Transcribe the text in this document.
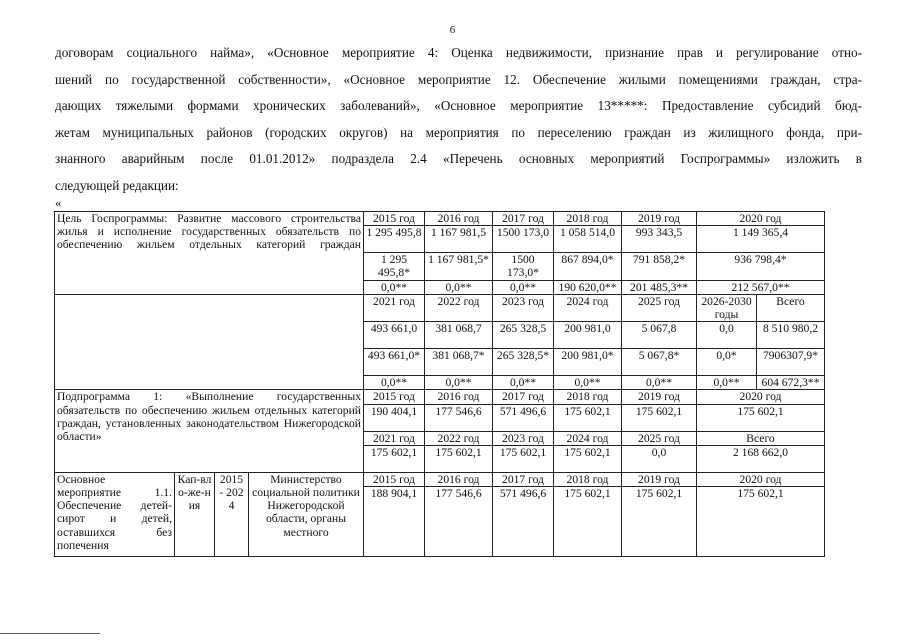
6
договорам социального найма», «Основное мероприятие 4: Оценка недвижимости, признание прав и регулирование отно-
шений по государственной собственности», «Основное мероприятие 12. Обеспечение жилыми помещениями граждан, стра-
дающих тяжелыми формами хронических заболеваний», «Основное мероприятие 13*****: Предоставление субсидий бюд-
жетам муниципальных районов (городских округов) на мероприятия по переселению граждан из жилищного фонда, при-
знанного аварийным после 01.01.2012» подраздела 2.4 «Перечень основных мероприятий Госпрограммы» изложить в
следующей редакции:
«
Цель Госпрограммы: Развитие массового строительства жилья и исполнение государственных обязательств по обеспечению жильем отдельных категорий граждан				2015 год	2016 год	2017 год	2018 год	2019 год	2020 год	
				1 295 495,8	1 167 981,5	1500 173,0	1 058 514,0	993 343,5	1 149 365,4	
				1 295 495,8*	1 167 981,5*	1500 173,0*	867 894,0*	791 858,2*	936 798,4*	
				0,0**	0,0**	0,0**	190 620,0**	201 485,3**	212 567,0**	
				2021 год	2022 год	2023 год	2024 год	2025 год	2026-2030 годы	Всего
				493 661,0	381 068,7	265 328,5	200 981,0	5 067,8	0,0	8 510 980,2
				493 661,0*	381 068,7*	265 328,5*	200 981,0*	5 067,8*	0,0*	7906307,9*
				0,0**	0,0**	0,0**	0,0**	0,0**	0,0**	604 672,3**
Подпрограмма 1: «Выполнение государственных обязательств по обеспечению жильем отдельных категорий граждан, установленных законодательством Нижегородской области»				2015 год	2016 год	2017 год	2018 год	2019 год	2020 год	
				190 404,1	177 546,6	571 496,6	175 602,1	175 602,1	175 602,1	
				2021 год	2022 год	2023 год	2024 год	2025 год	Всего	
				175 602,1	175 602,1	175 602,1	175 602,1	0,0	2 168 662,0	
Основное мероприятие 1.1. Обеспечение детей-сирот и детей, оставшихся без попечения	Кап-вло-же-ния	2015 - 2024	Министерство социальной политики Нижегородской области, органы местного	2015 год	2016 год	2017 год	2018 год	2019 год	2020 год	
				188 904,1	177 546,6	571 496,6	175 602,1	175 602,1	175 602,1	
